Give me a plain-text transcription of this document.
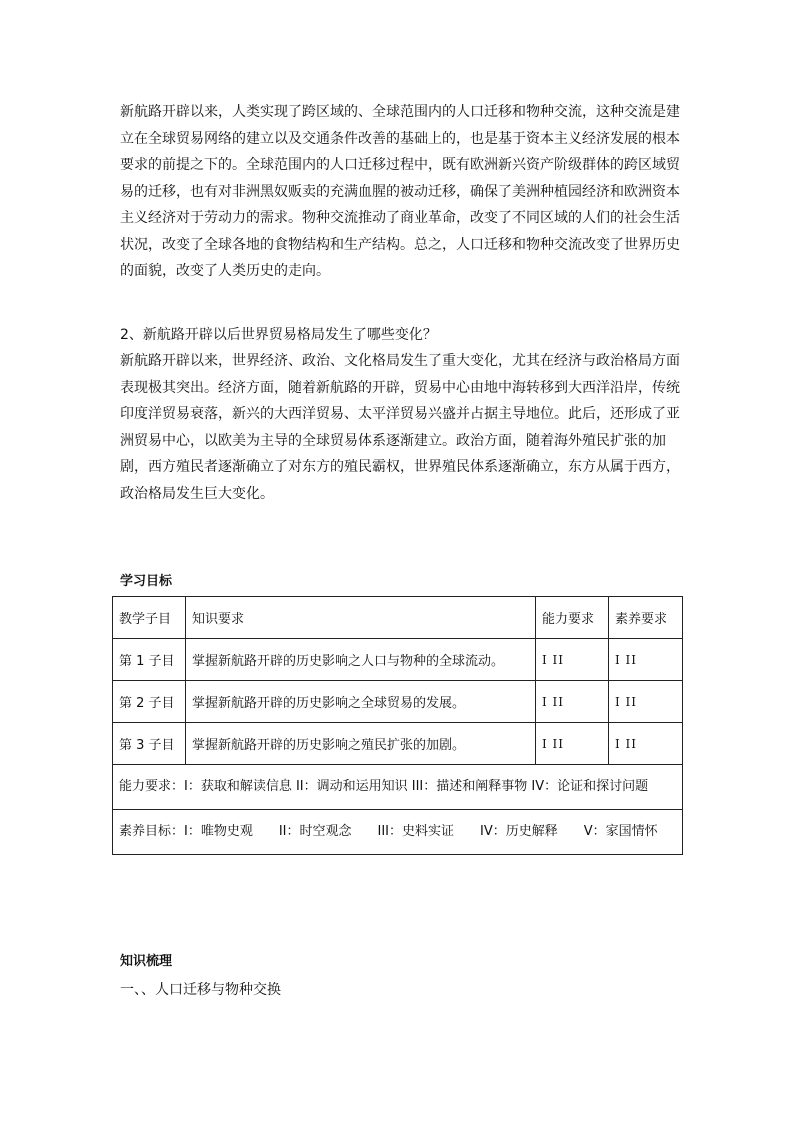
新航路开辟以来，人类实现了跨区域的、全球范围内的人口迁移和物种交流，这种交流是建立在全球贸易网络的建立以及交通条件改善的基础上的，也是基于资本主义经济发展的根本要求的前提之下的。全球范围内的人口迁移过程中，既有欧洲新兴资产阶级群体的跨区域贸易的迁移，也有对非洲黑奴贩卖的充满血腥的被动迁移，确保了美洲种植园经济和欧洲资本主义经济对于劳动力的需求。物种交流推动了商业革命，改变了不同区域的人们的社会生活状况，改变了全球各地的食物结构和生产结构。总之，人口迁移和物种交流改变了世界历史的面貌，改变了人类历史的走向。
2、新航路开辟以后世界贸易格局发生了哪些变化？
新航路开辟以来，世界经济、政治、文化格局发生了重大变化，尤其在经济与政治格局方面表现极其突出。经济方面，随着新航路的开辟，贸易中心由地中海转移到大西洋沿岸，传统印度洋贸易衰落，新兴的大西洋贸易、太平洋贸易兴盛并占据主导地位。此后，还形成了亚洲贸易中心，以欧美为主导的全球贸易体系逐渐建立。政治方面，随着海外殖民扩张的加剧，西方殖民者逐渐确立了对东方的殖民霸权，世界殖民体系逐渐确立，东方从属于西方，政治格局发生巨大变化。
学习目标
教学子目	知识要求	能力要求	素养要求
第 1 子目	掌握新航路开辟的历史影响之人口与物种的全球流动。	I II	I II
第 2 子目	掌握新航路开辟的历史影响之全球贸易的发展。	I II	I II
第 3 子目	掌握新航路开辟的历史影响之殖民扩张的加剧。	I II	I II
能力要求：I：获取和解读信息 II：调动和运用知识 III：描述和阐释事物 IV：论证和探讨问题			
素养目标：I：唯物史观　　II：时空观念　　III：史料实证　　IV：历史解释　　V：家国情怀			
知识梳理
一、、人口迁移与物种交换
